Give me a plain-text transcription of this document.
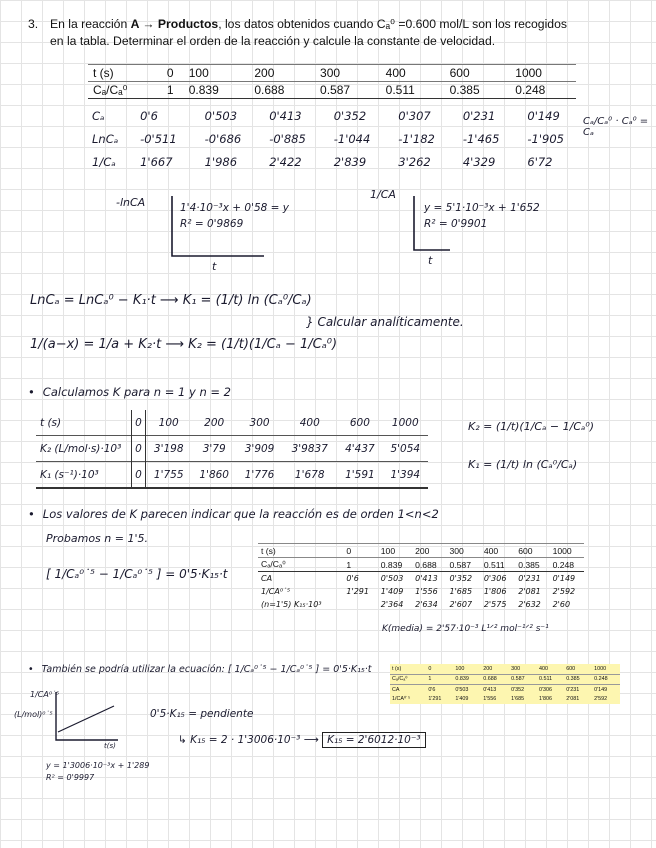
3. En la reacción A → Productos, los datos obtenidos cuando Cₐ⁰ =0.600 mol/L son los recogidos
en la tabla. Determinar el orden de la reacción y calcule la constante de velocidad.
t (s)	0	100	200	300	400	600	1000
Cₐ/Cₐ⁰	1	0.839	0.688	0.587	0.511	0.385	0.248
Cₐ	0'6	0'503	0'413	0'352	0'307	0'231	0'149
LnCₐ	-0'511	-0'686	-0'885	-1'044	-1'182	-1'465	-1'905
1/Cₐ	1'667	1'986	2'422	2'839	3'262	4'329	6'72
Cₐ/Cₐ⁰ · Cₐ⁰ = Cₐ
-lnCA	1'4·10⁻³x + 0'58 = y
R² = 0'9869
t
1/CA
y = 5'1·10⁻³x + 1'652
R² = 0'9901
t
LnCₐ = LnCₐ⁰ − K₁·t ⟶ K₁ = (1/t) ln (Cₐ⁰/Cₐ)
1/(a−x) = 1/a + K₂·t ⟶ K₂ = (1/t)(1/Cₐ − 1/Cₐ⁰)
} Calcular analíticamente.
• Calculamos K para n = 1 y n = 2
t (s)	0	100	200	300	400	600	1000
K₂ (L/mol·s)·10³	0	3'198	3'79	3'909	3'9837	4'437	5'054
K₁ (s⁻¹)·10³	0	1'755	1'860	1'776	1'678	1'591	1'394
K₂ = (1/t)(1/Cₐ − 1/Cₐ⁰)
K₁ = (1/t) ln (Cₐ⁰/Cₐ)
• Los valores de K parecen indicar que la reacción es de orden 1<n<2
Probamos n = 1'5.
[ 1/Cₐ⁰˙⁵ − 1/Cₐ⁰˙⁵ ] = 0'5·K₁₅·t
t (s)	0	100	200	300	400	600	1000
Cₐ/Cₐ⁰	1	0.839	0.688	0.587	0.511	0.385	0.248
CA	0'6	0'503	0'413	0'352	0'306	0'231	0'149
1/CA⁰˙⁵	1'291	1'409	1'556	1'685	1'806	2'081	2'592
(n=1'5) K₁₅·10³		2'364	2'634	2'607	2'575	2'632	2'60
K(media) = 2'57·10⁻³ L¹ᐟ² mol⁻¹ᐟ² s⁻¹
• También se podría utilizar la ecuación: [ 1/Cₐ⁰˙⁵ − 1/Cₐ⁰˙⁵ ] = 0'5·K₁₅·t	t (s)	0	100	200	300	400	600	1000
Cₐ/Cₐ⁰	1	0.839	0.688	0.587	0.511	0.385	0.248
CA	0'6	0'503	0'413	0'352	0'306	0'231	0'149
1/CA⁰˙⁵	1'291	1'409	1'556	1'685	1'806	2'081	2'592
1/CA⁰˙⁵
(L/mol)⁰˙⁵
t(s)
y = 1'3006·10⁻³x + 1'289
R² = 0'9997
0'5·K₁₅ = pendiente
↳ K₁₅ = 2 · 1'3006·10⁻³ ⟶ K₁₅ = 2'6012·10⁻³
